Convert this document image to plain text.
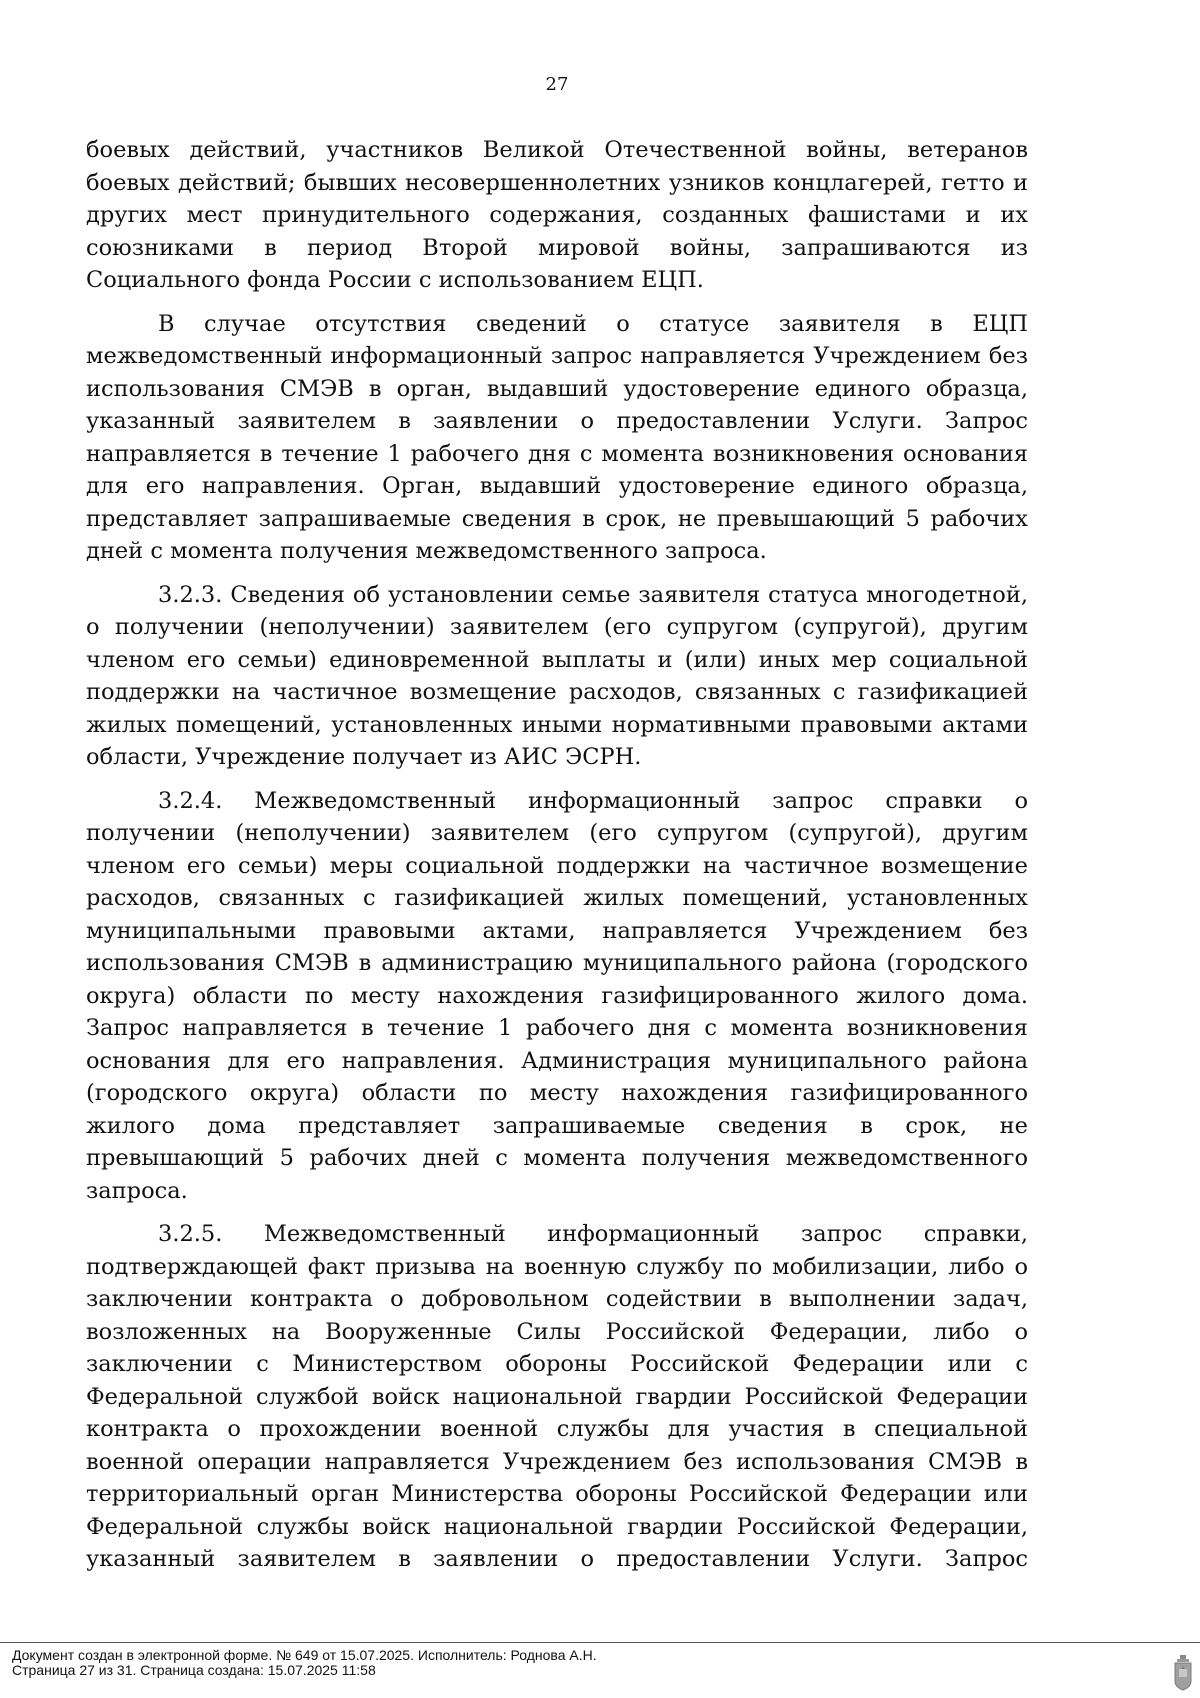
27

боевых действий, участников Великой Отечественной войны, ветеранов боевых действий; бывших несовершеннолетних узников концлагерей, гетто и других мест принудительного содержания, созданных фашистами и их союзниками в период Второй мировой войны, запрашиваются из Социального фонда России с использованием ЕЦП.

В случае отсутствия сведений о статусе заявителя в ЕЦП межведомственный информационный запрос направляется Учреждением без использования СМЭВ в орган, выдавший удостоверение единого образца, указанный заявителем в заявлении о предоставлении Услуги. Запрос направляется в течение 1 рабочего дня с момента возникновения основания для его направления. Орган, выдавший удостоверение единого образца, представляет запрашиваемые сведения в срок, не превышающий 5 рабочих дней с момента получения межведомственного запроса.

3.2.3. Сведения об установлении семье заявителя статуса многодетной, о получении (неполучении) заявителем (его супругом (супругой), другим членом его семьи) единовременной выплаты и (или) иных мер социальной поддержки на частичное возмещение расходов, связанных с газификацией жилых помещений, установленных иными нормативными правовыми актами области, Учреждение получает из АИС ЭСРН.

3.2.4. Межведомственный информационный запрос справки о получении (неполучении) заявителем (его супругом (супругой), другим членом его семьи) меры социальной поддержки на частичное возмещение расходов, связанных с газификацией жилых помещений, установленных муниципальными правовыми актами, направляется Учреждением без использования СМЭВ в администрацию муниципального района (городского округа) области по месту нахождения газифицированного жилого дома. Запрос направляется в течение 1 рабочего дня с момента возникновения основания для его направления. Администрация муниципального района (городского округа) области по месту нахождения газифицированного жилого дома представляет запрашиваемые сведения в срок, не превышающий 5 рабочих дней с момента получения межведомственного запроса.

3.2.5. Межведомственный информационный запрос справки, подтверждающей факт призыва на военную службу по мобилизации, либо о заключении контракта о добровольном содействии в выполнении задач, возложенных на Вооруженные Силы Российской Федерации, либо о заключении с Министерством обороны Российской Федерации или с Федеральной службой войск национальной гвардии Российской Федерации контракта о прохождении военной службы для участия в специальной военной операции направляется Учреждением без использования СМЭВ в территориальный орган Министерства обороны Российской Федерации или Федеральной службы войск национальной гвардии Российской Федерации, указанный заявителем в заявлении о предоставлении Услуги. Запрос

Документ создан в электронной форме. № 649 от 15.07.2025. Исполнитель: Роднова А.Н.
Страница 27 из 31. Страница создана: 15.07.2025 11:58
